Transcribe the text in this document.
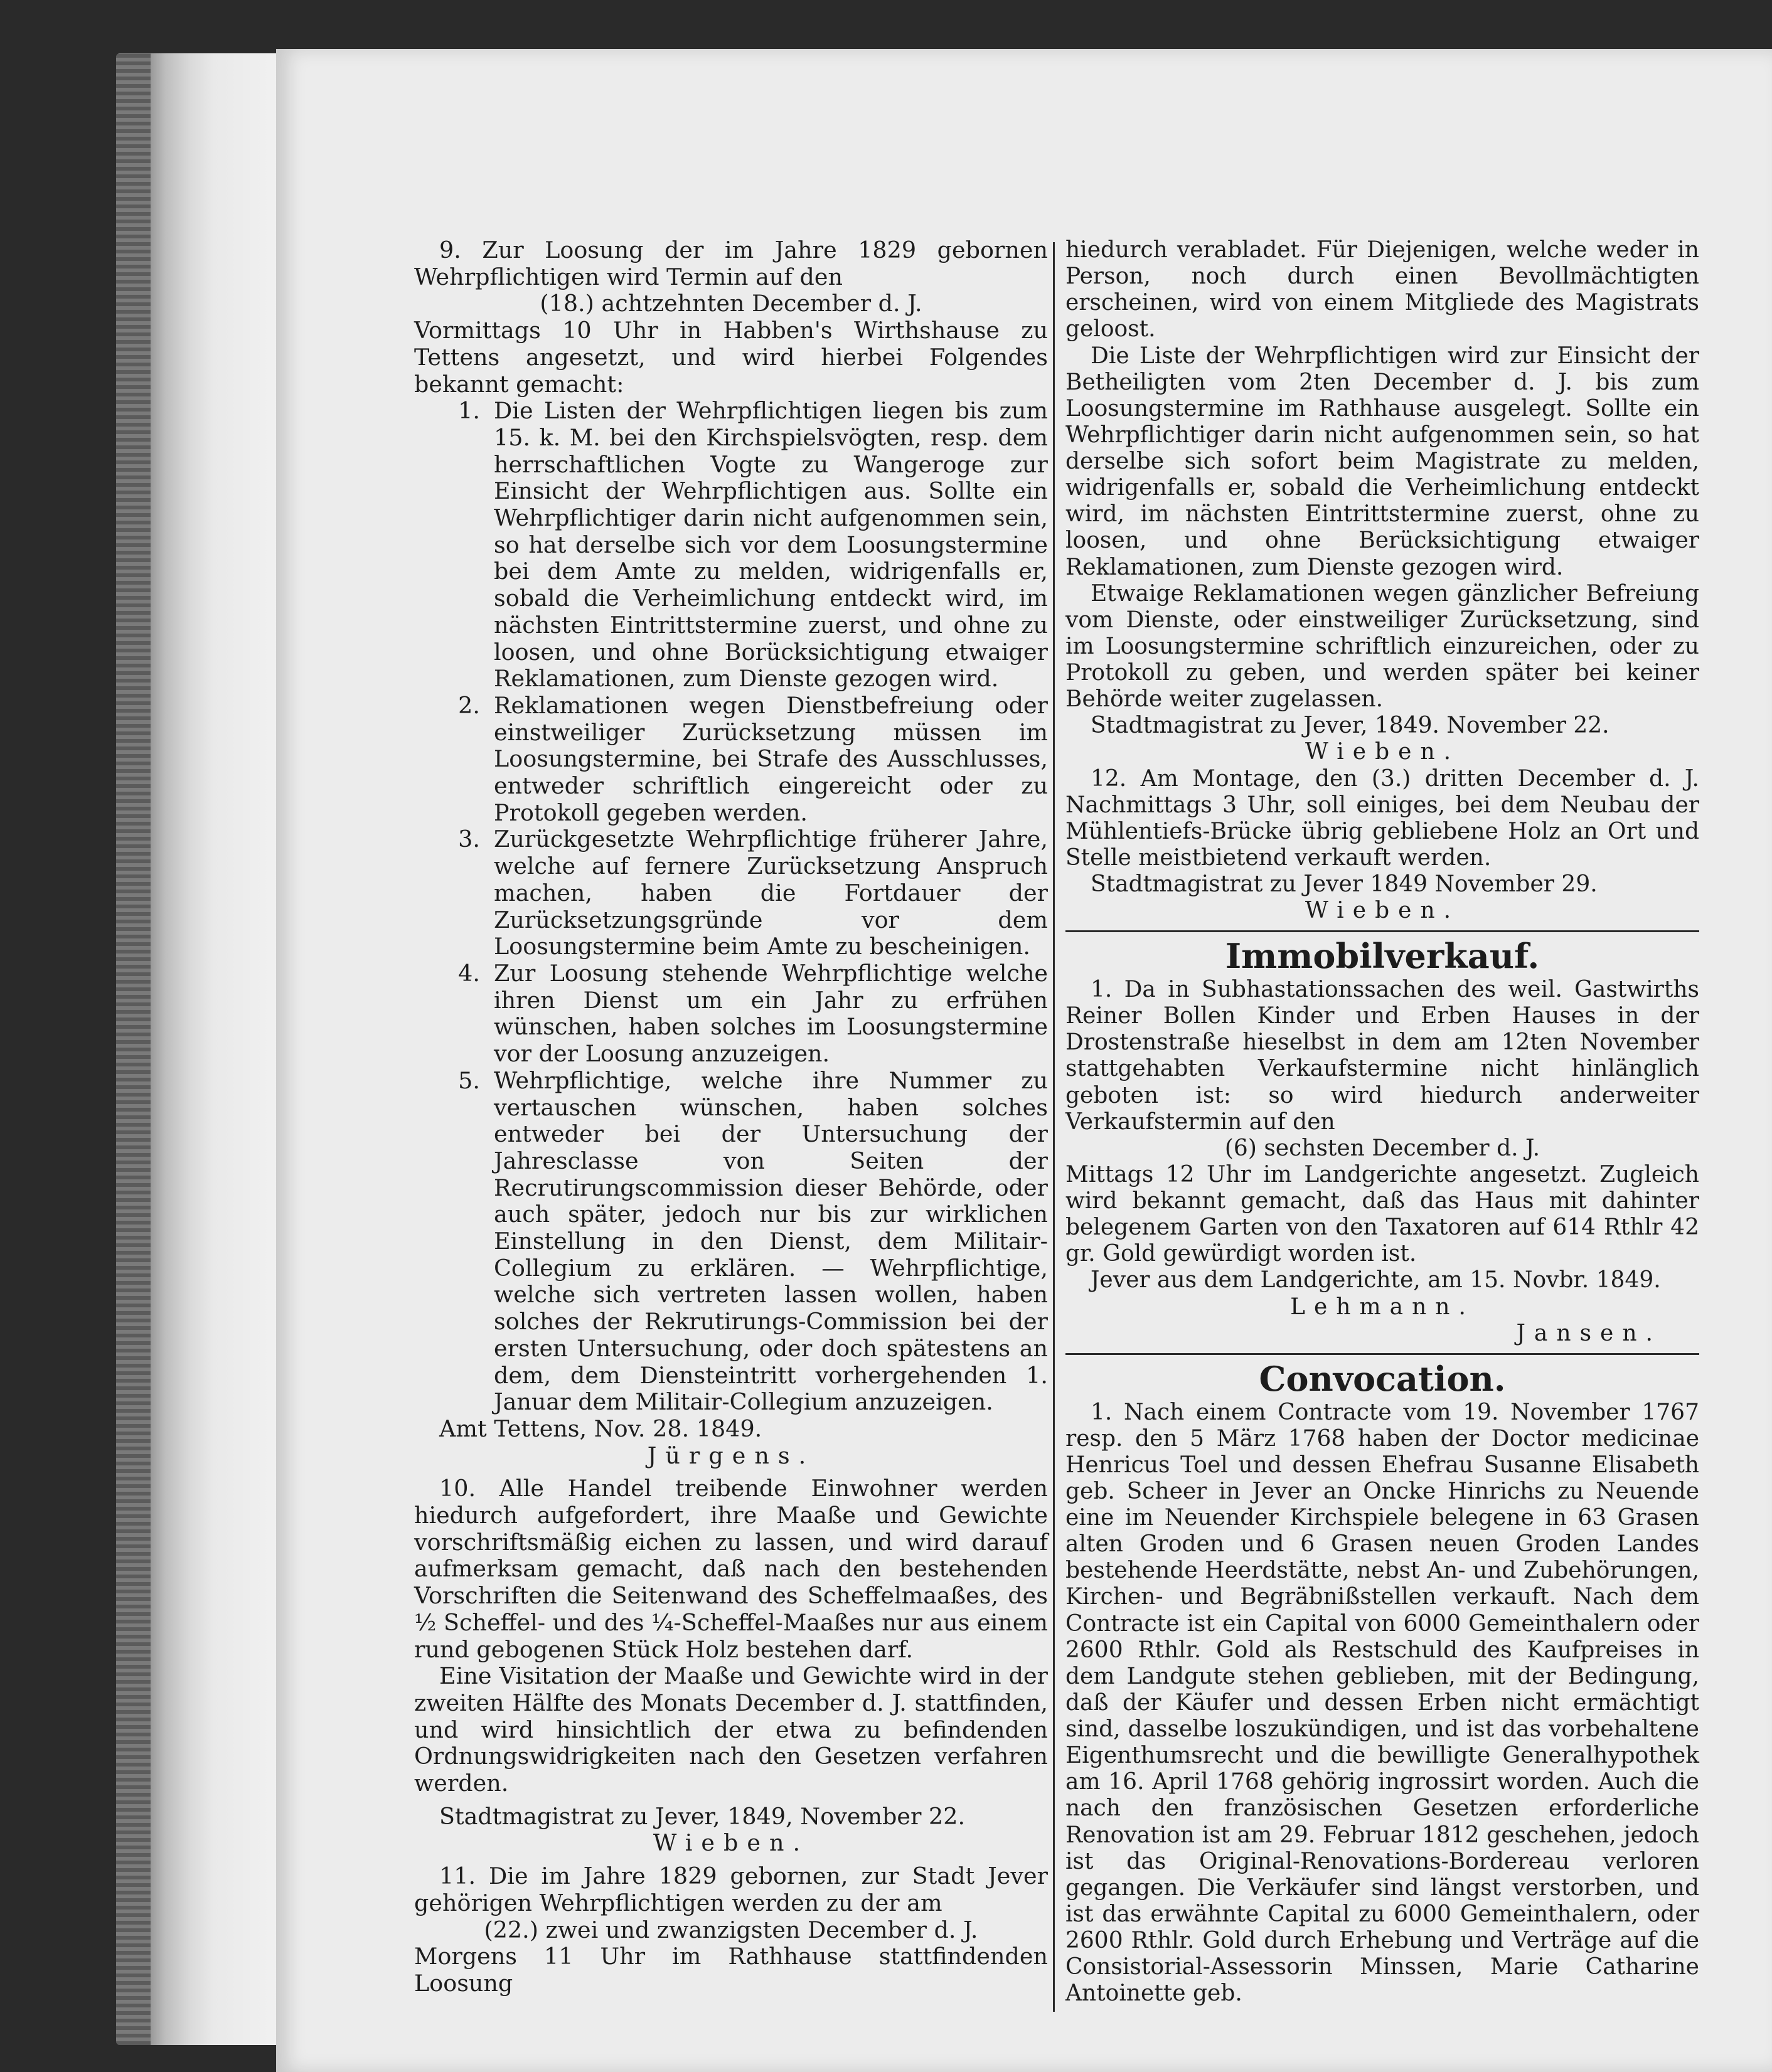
9. Zur Loosung der im Jahre 1829 gebornen Wehrpflichtigen wird Termin auf den

(18.) achtzehnten December d. J.

Vormittags 10 Uhr in Habben's Wirthshause zu Tettens angesetzt, und wird hierbei Folgendes bekannt gemacht:

1. Die Listen der Wehrpflichtigen liegen bis zum 15. k. M. bei den Kirchspielsvögten, resp. dem herrschaftlichen Vogte zu Wangeroge zur Einsicht der Wehrpflichtigen aus. Sollte ein Wehrpflichtiger darin nicht aufgenommen sein, so hat derselbe sich vor dem Loosungstermine bei dem Amte zu melden, widrigenfalls er, sobald die Verheimlichung entdeckt wird, im nächsten Eintrittstermine zuerst, und ohne zu loosen, und ohne Borücksichtigung etwaiger Reklamationen, zum Dienste gezogen wird.
2. Reklamationen wegen Dienstbefreiung oder einstweiliger Zurücksetzung müssen im Loosungstermine, bei Strafe des Ausschlusses, entweder schriftlich eingereicht oder zu Protokoll gegeben werden.
3. Zurückgesetzte Wehrpflichtige früherer Jahre, welche auf fernere Zurücksetzung Anspruch machen, haben die Fortdauer der Zurücksetzungsgründe vor dem Loosungstermine beim Amte zu bescheinigen.
4. Zur Loosung stehende Wehrpflichtige welche ihren Dienst um ein Jahr zu erfrühen wünschen, haben solches im Loosungstermine vor der Loosung anzuzeigen.
5. Wehrpflichtige, welche ihre Nummer zu vertauschen wünschen, haben solches entweder bei der Untersuchung der Jahresclasse von Seiten der Recrutirungscommission dieser Behörde, oder auch später, jedoch nur bis zur wirklichen Einstellung in den Dienst, dem Militair-Collegium zu erklären. — Wehrpflichtige, welche sich vertreten lassen wollen, haben solches der Rekrutirungs-Commission bei der ersten Untersuchung, oder doch spätestens an dem, dem Diensteintritt vorhergehenden 1. Januar dem Militair-Collegium anzuzeigen.

Amt Tettens, Nov. 28. 1849.

Jürgens.

10. Alle Handel treibende Einwohner werden hiedurch aufgefordert, ihre Maaße und Gewichte vorschriftsmäßig eichen zu lassen, und wird darauf aufmerksam gemacht, daß nach den bestehenden Vorschriften die Seitenwand des Scheffelmaaßes, des ½ Scheffel- und des ¼-Scheffel-Maaßes nur aus einem rund gebogenen Stück Holz bestehen darf.

Eine Visitation der Maaße und Gewichte wird in der zweiten Hälfte des Monats December d. J. stattfinden, und wird hinsichtlich der etwa zu befindenden Ordnungswidrigkeiten nach den Gesetzen verfahren werden.

Stadtmagistrat zu Jever, 1849, November 22.

Wieben.

11. Die im Jahre 1829 gebornen, zur Stadt Jever gehörigen Wehrpflichtigen werden zu der am

(22.) zwei und zwanzigsten December d. J.

Morgens 11 Uhr im Rathhause stattfindenden Loosung

hiedurch verabladet. Für Diejenigen, welche weder in Person, noch durch einen Bevollmächtigten erscheinen, wird von einem Mitgliede des Magistrats geloost.

Die Liste der Wehrpflichtigen wird zur Einsicht der Betheiligten vom 2ten December d. J. bis zum Loosungstermine im Rathhause ausgelegt. Sollte ein Wehrpflichtiger darin nicht aufgenommen sein, so hat derselbe sich sofort beim Magistrate zu melden, widrigenfalls er, sobald die Verheimlichung entdeckt wird, im nächsten Eintrittstermine zuerst, ohne zu loosen, und ohne Berücksichtigung etwaiger Reklamationen, zum Dienste gezogen wird.

Etwaige Reklamationen wegen gänzlicher Befreiung vom Dienste, oder einstweiliger Zurücksetzung, sind im Loosungstermine schriftlich einzureichen, oder zu Protokoll zu geben, und werden später bei keiner Behörde weiter zugelassen.

Stadtmagistrat zu Jever, 1849. November 22.

Wieben.

12. Am Montage, den (3.) dritten December d. J. Nachmittags 3 Uhr, soll einiges, bei dem Neubau der Mühlentiefs-Brücke übrig gebliebene Holz an Ort und Stelle meistbietend verkauft werden.

Stadtmagistrat zu Jever 1849 November 29.

Wieben.

Immobilverkauf.

1. Da in Subhastationssachen des weil. Gastwirths Reiner Bollen Kinder und Erben Hauses in der Drostenstraße hieselbst in dem am 12ten November stattgehabten Verkaufstermine nicht hinlänglich geboten ist: so wird hiedurch anderweiter Verkaufstermin auf den

(6) sechsten December d. J.

Mittags 12 Uhr im Landgerichte angesetzt. Zugleich wird bekannt gemacht, daß das Haus mit dahinter belegenem Garten von den Taxatoren auf 614 Rthlr 42 gr. Gold gewürdigt worden ist.

Jever aus dem Landgerichte, am 15. Novbr. 1849.

Lehmann.

Jansen.

Convocation.

1. Nach einem Contracte vom 19. November 1767 resp. den 5 März 1768 haben der Doctor medicinae Henricus Toel und dessen Ehefrau Susanne Elisabeth geb. Scheer in Jever an Oncke Hinrichs zu Neuende eine im Neuender Kirchspiele belegene in 63 Grasen alten Groden und 6 Grasen neuen Groden Landes bestehende Heerdstätte, nebst An- und Zubehörungen, Kirchen- und Begräbnißstellen verkauft. Nach dem Contracte ist ein Capital von 6000 Gemeinthalern oder 2600 Rthlr. Gold als Restschuld des Kaufpreises in dem Landgute stehen geblieben, mit der Bedingung, daß der Käufer und dessen Erben nicht ermächtigt sind, dasselbe loszukündigen, und ist das vorbehaltene Eigenthumsrecht und die bewilligte Generalhypothek am 16. April 1768 gehörig ingrossirt worden. Auch die nach den französischen Gesetzen erforderliche Renovation ist am 29. Februar 1812 geschehen, jedoch ist das Original-Renovations-Bordereau verloren gegangen. Die Verkäufer sind längst verstorben, und ist das erwähnte Capital zu 6000 Gemeinthalern, oder 2600 Rthlr. Gold durch Erhebung und Verträge auf die Consistorial-Assessorin Minssen, Marie Catharine Antoinette geb.
